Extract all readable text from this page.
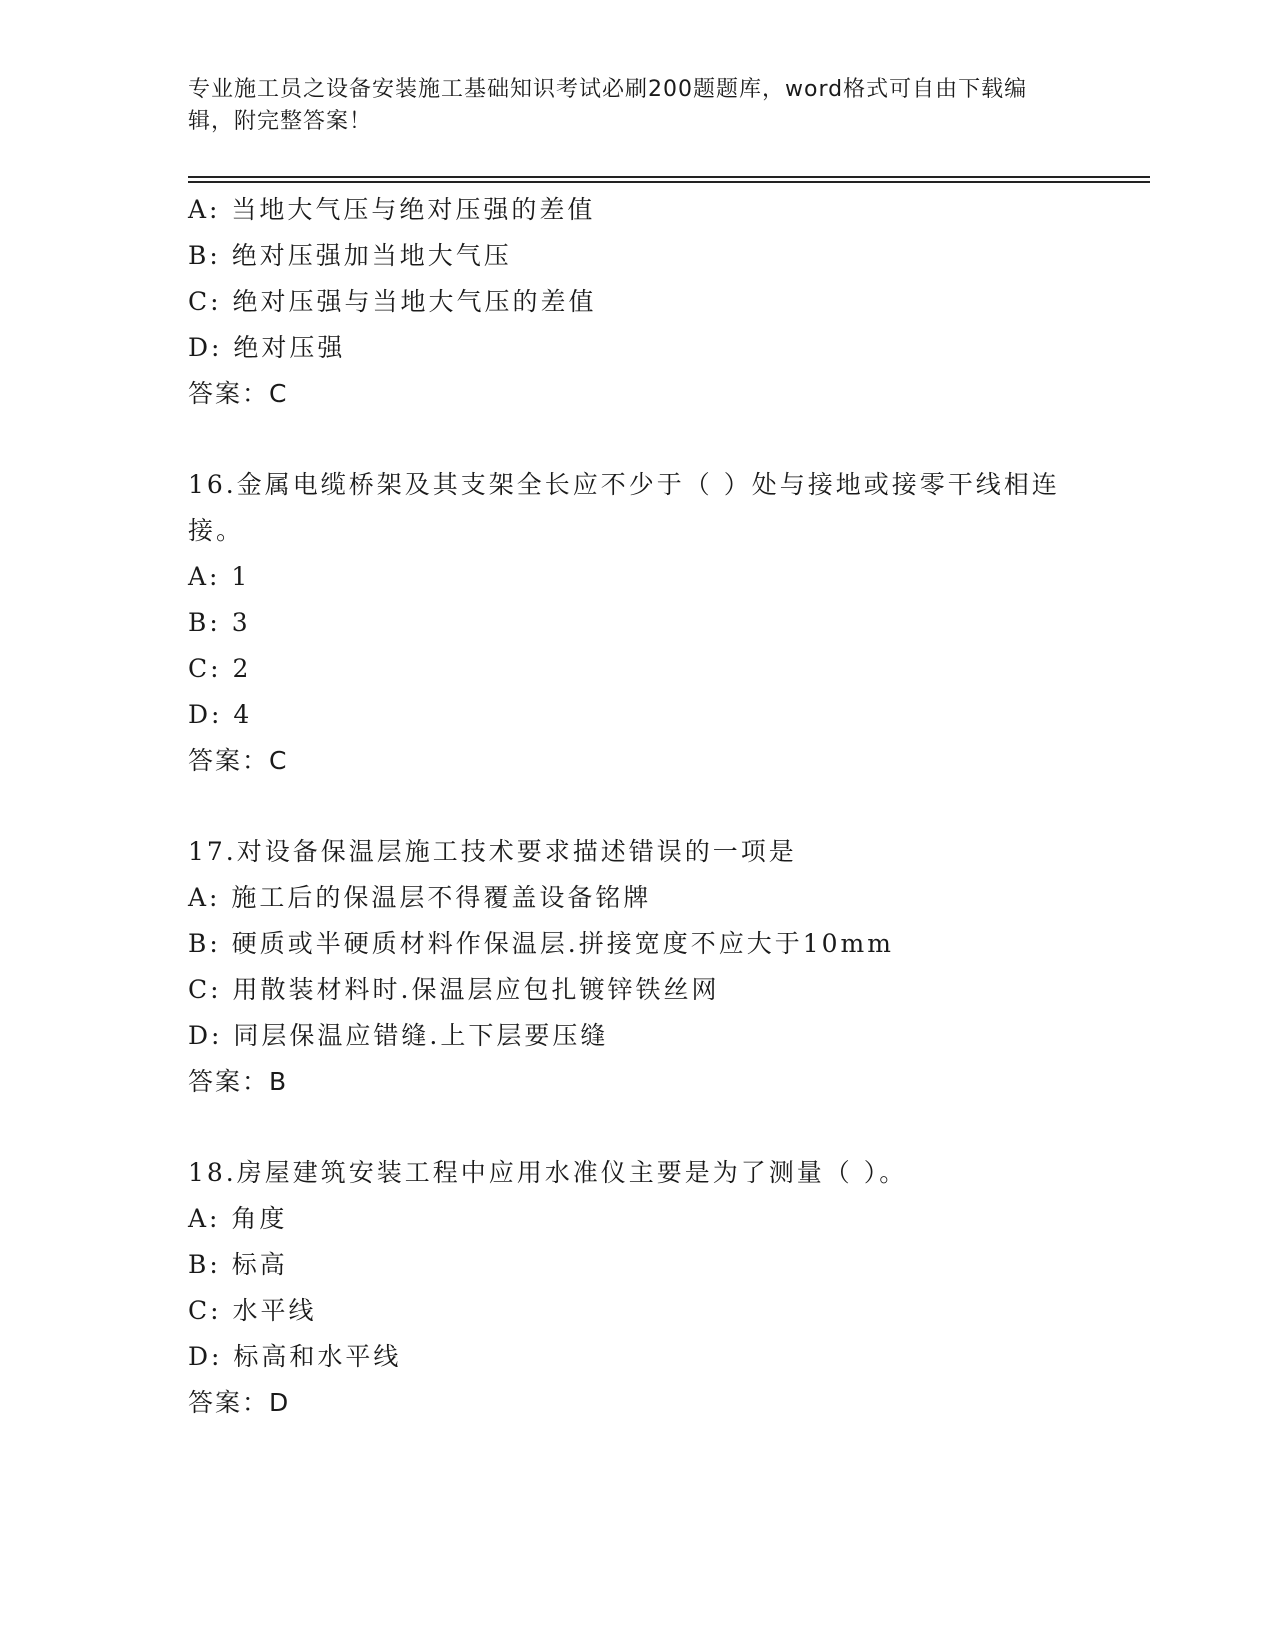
专业施工员之设备安装施工基础知识考试必刷200题题库，word格式可自由下载编辑，附完整答案！
A: 当地大气压与绝对压强的差值
B: 绝对压强加当地大气压
C: 绝对压强与当地大气压的差值
D: 绝对压强
答案：C
16.金属电缆桥架及其支架全长应不少于（ ）处与接地或接零干线相连接。
A: 1
B: 3
C: 2
D: 4
答案：C
17.对设备保温层施工技术要求描述错误的一项是
A: 施工后的保温层不得覆盖设备铭牌
B: 硬质或半硬质材料作保温层.拼接宽度不应大于10mm
C: 用散装材料时.保温层应包扎镀锌铁丝网
D: 同层保温应错缝.上下层要压缝
答案：B
18.房屋建筑安装工程中应用水准仪主要是为了测量（ ）。
A: 角度
B: 标高
C: 水平线
D: 标高和水平线
答案：D
